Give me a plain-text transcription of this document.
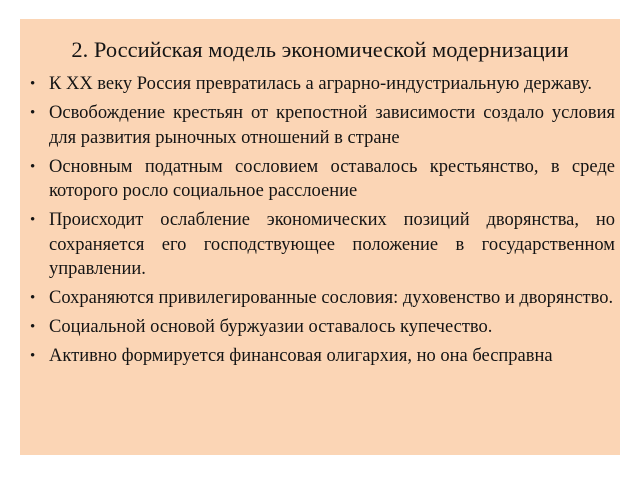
2. Российская модель экономической модернизации
• К XX веку Россия превратилась а аграрно-индустриальную державу.
• Освобождение крестьян от крепостной зависимости создало условия для развития рыночных отношений в стране
• Основным податным сословием оставалось крестьянство, в среде которого росло социальное расслоение
• Происходит ослабление экономических позиций дворянства, но сохраняется его господствующее положение в государственном управлении.
• Сохраняются привилегированные сословия: духовенство и дворянство.
• Социальной основой буржуазии оставалось купечество.
• Активно формируется финансовая олигархия, но она бесправна
